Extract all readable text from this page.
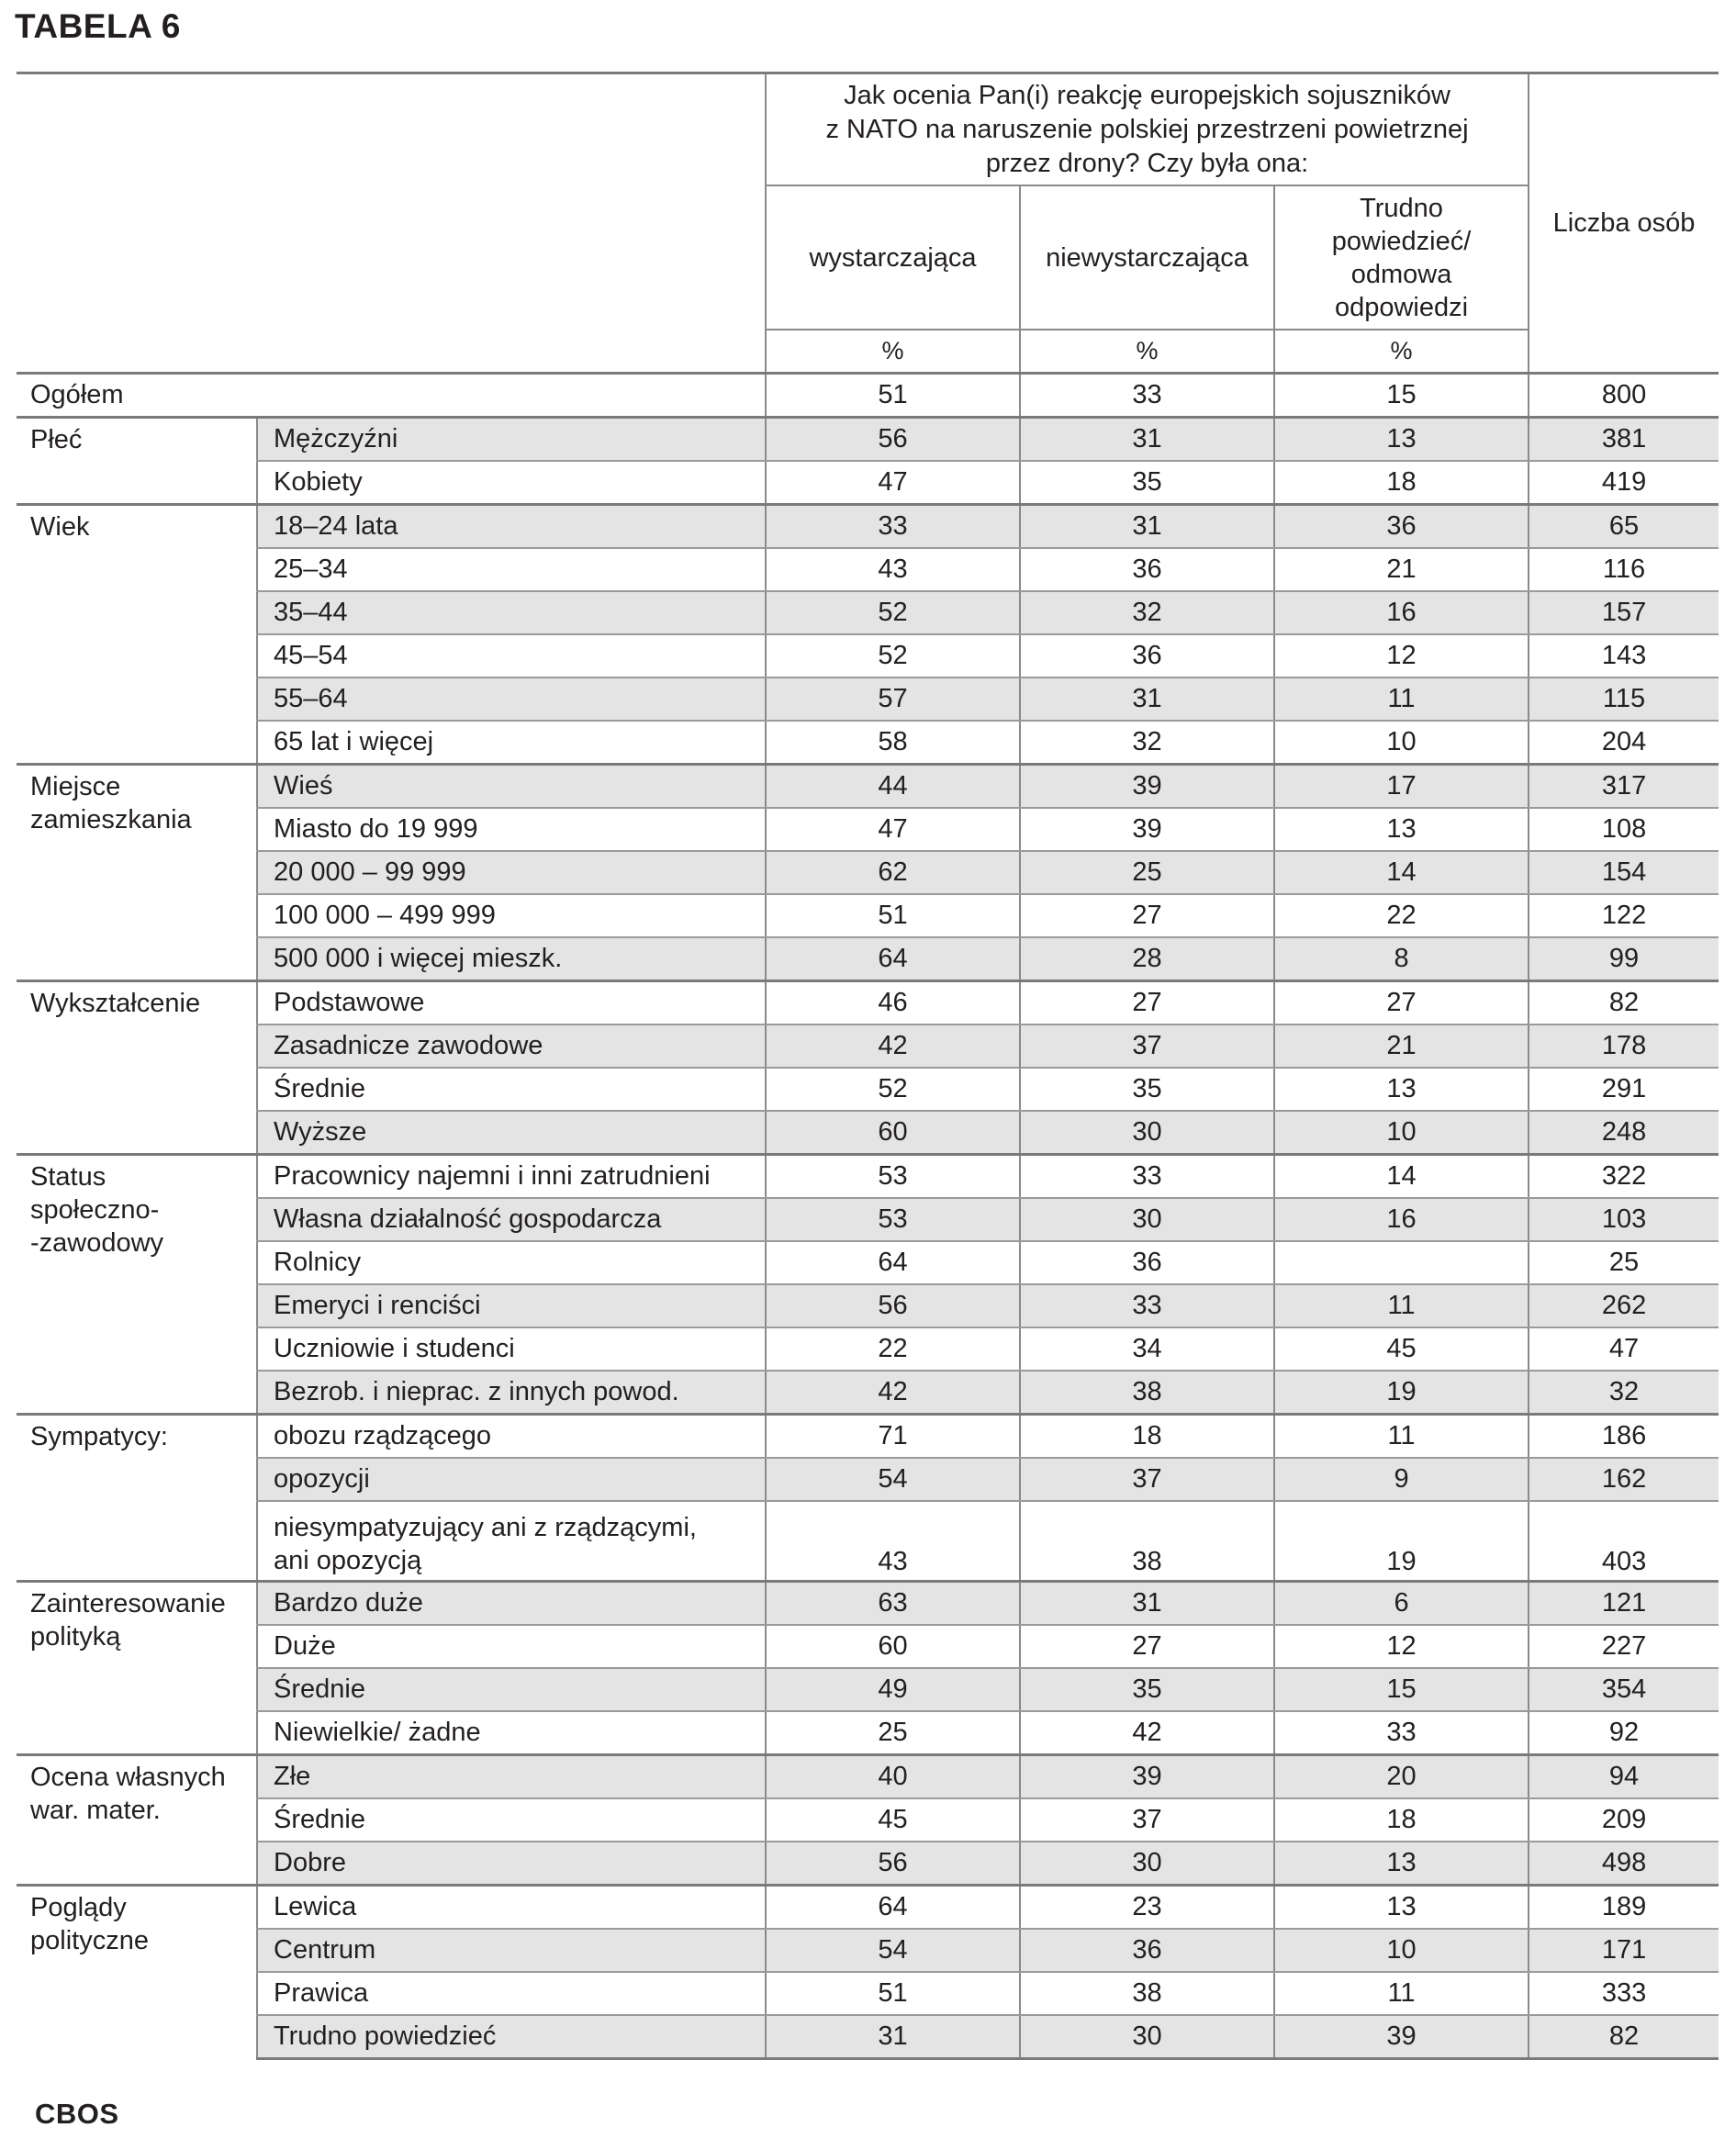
TABELA 6

		Jak ocenia Pan(i) reakcję europejskich sojuszników
z NATO na naruszenie polskiej przestrzeni powietrznej
przez drony? Czy była ona:			Liczba osób
		wystarczająca	niewystarczająca	Trudno
powiedzieć/
odmowa
odpowiedzi	

		%	%	%	
Ogółem		51	33	15	800

Płeć	Mężczyźni	56	31	13	381
	Kobiety	47	35	18	419

Wiek	18–24 lata	33	31	36	65
	25–34	43	36	21	116
	35–44	52	32	16	157
	45–54	52	36	12	143
	55–64	57	31	11	115
	65 lat i więcej	58	32	10	204

Miejsce
zamieszkania	Wieś	44	39	17	317
	Miasto do 19 999	47	39	13	108
	20 000 – 99 999	62	25	14	154
	100 000 – 499 999	51	27	22	122
	500 000 i więcej mieszk.	64	28	8	99

Wykształcenie	Podstawowe	46	27	27	82
	Zasadnicze zawodowe	42	37	21	178
	Średnie	52	35	13	291
	Wyższe	60	30	10	248

Status
społeczno-
-zawodowy	Pracownicy najemni i inni zatrudnieni	53	33	14	322
	Własna działalność gospodarcza	53	30	16	103
	Rolnicy	64	36		25
	Emeryci i renciści	56	33	11	262
	Uczniowie i studenci	22	34	45	47
	Bezrob. i nieprac. z innych powod.	42	38	19	32

Sympatycy:	obozu rządzącego	71	18	11	186
	opozycji	54	37	9	162

	niesympatyzujący ani z rządzącymi,
ani opozycją	43	38	19	403

Zainteresowanie
polityką	Bardzo duże	63	31	6	121
	Duże	60	27	12	227
	Średnie	49	35	15	354
	Niewielkie/ żadne	25	42	33	92

Ocena własnych
war. mater.	Złe	40	39	20	94
	Średnie	45	37	18	209
	Dobre	56	30	13	498

Poglądy
polityczne	Lewica	64	23	13	189
	Centrum	54	36	10	171
	Prawica	51	38	11	333
	Trudno powiedzieć	31	30	39	82
CBOS
